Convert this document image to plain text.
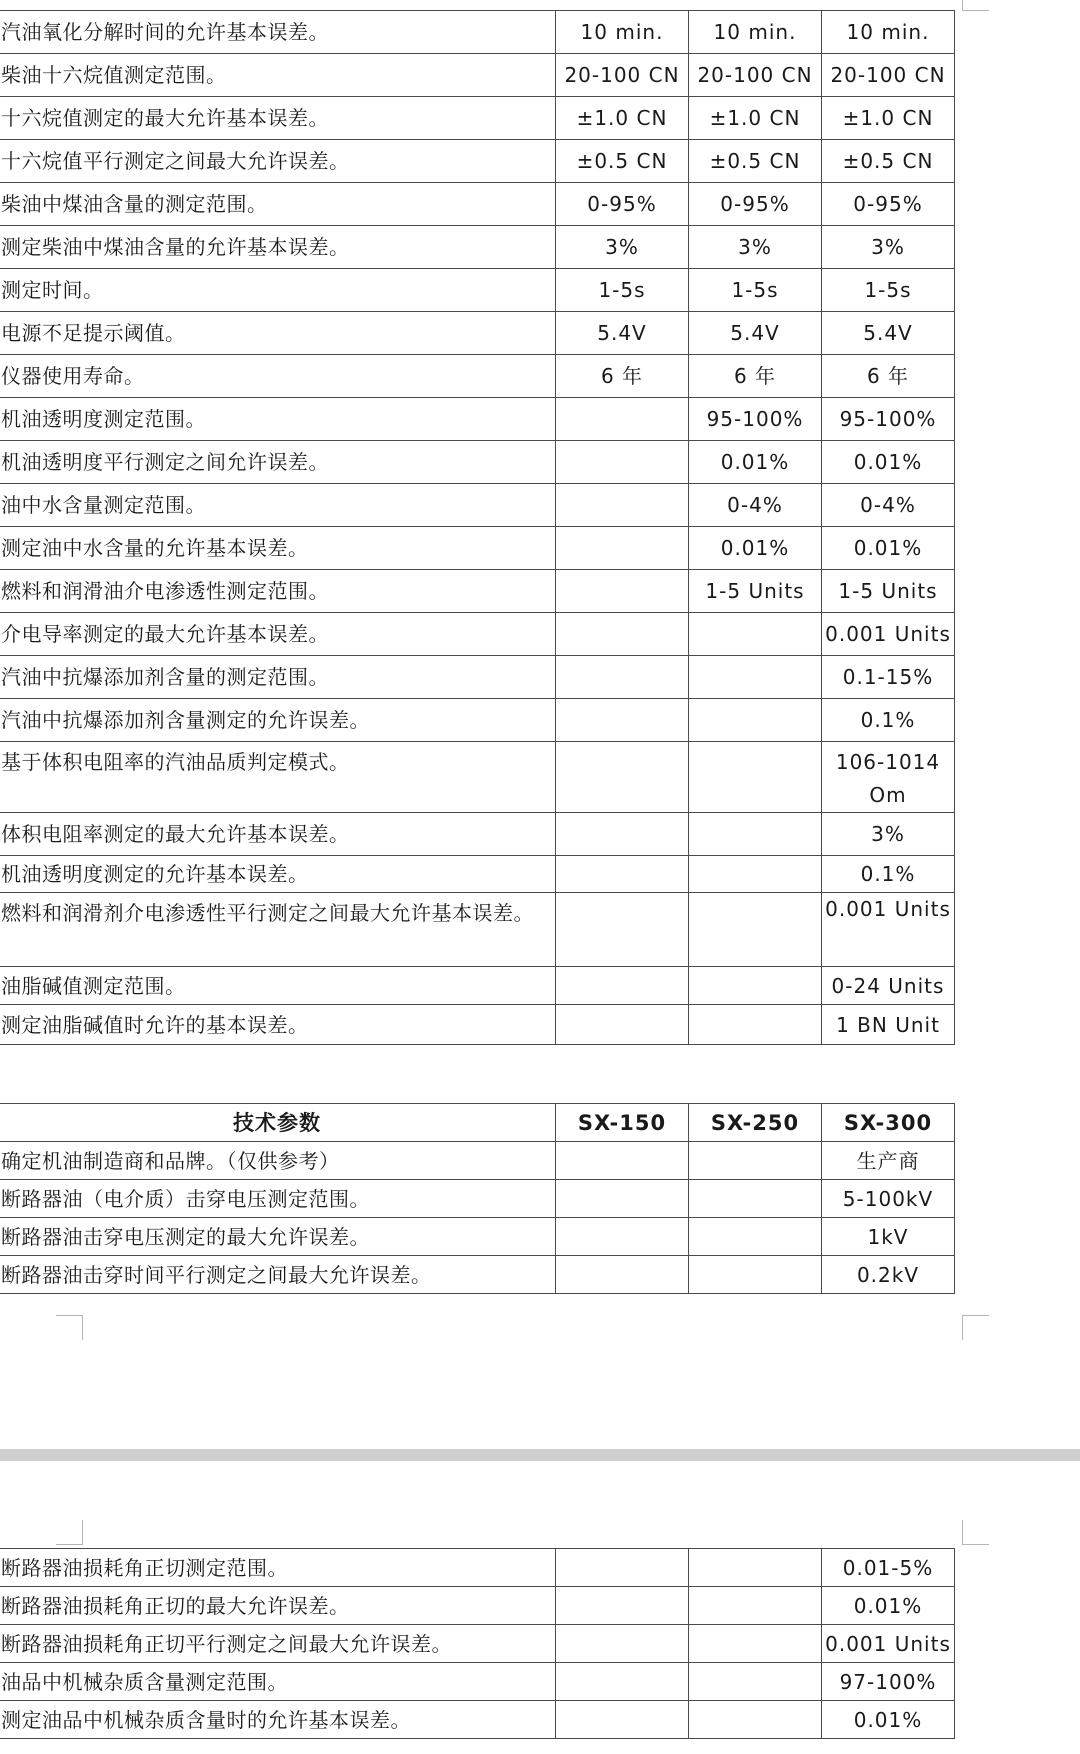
汽油氧化分解时间的允许基本误差。	10 min.	10 min.	10 min.
柴油十六烷值测定范围。	20-100 CN	20-100 CN	20-100 CN
十六烷值测定的最大允许基本误差。	±1.0 CN	±1.0 CN	±1.0 CN
十六烷值平行测定之间最大允许误差。	±0.5 CN	±0.5 CN	±0.5 CN
柴油中煤油含量的测定范围。	0-95%	0-95%	0-95%
测定柴油中煤油含量的允许基本误差。	3%	3%	3%
测定时间。	1-5s	1-5s	1-5s
电源不足提示阈值。	5.4V	5.4V	5.4V
仪器使用寿命。	6 年	6 年	6 年
机油透明度测定范围。		95-100%	95-100%
机油透明度平行测定之间允许误差。		0.01%	0.01%
油中水含量测定范围。		0-4%	0-4%
测定油中水含量的允许基本误差。		0.01%	0.01%
燃料和润滑油介电渗透性测定范围。		1-5 Units	1-5 Units
介电导率测定的最大允许基本误差。			0.001 Units
汽油中抗爆添加剂含量的测定范围。			0.1-15%
汽油中抗爆添加剂含量测定的允许误差。			0.1%
基于体积电阻率的汽油品质判定模式。			106-1014 Om
体积电阻率测定的最大允许基本误差。			3%
机油透明度测定的允许基本误差。			0.1%
燃料和润滑剂介电渗透性平行测定之间最大允许基本误差。			0.001 Units
油脂碱值测定范围。			0-24 Units
测定油脂碱值时允许的基本误差。			1 BN Unit
技术参数	SX-150	SX-250	SX-300
确定机油制造商和品牌。（仅供参考）			生产商
断路器油（电介质）击穿电压测定范围。			5-100kV
断路器油击穿电压测定的最大允许误差。			1kV
断路器油击穿时间平行测定之间最大允许误差。			0.2kV
断路器油损耗角正切测定范围。			0.01-5%
断路器油损耗角正切的最大允许误差。			0.01%
断路器油损耗角正切平行测定之间最大允许误差。			0.001 Units
油品中机械杂质含量测定范围。			97-100%
测定油品中机械杂质含量时的允许基本误差。			0.01%
